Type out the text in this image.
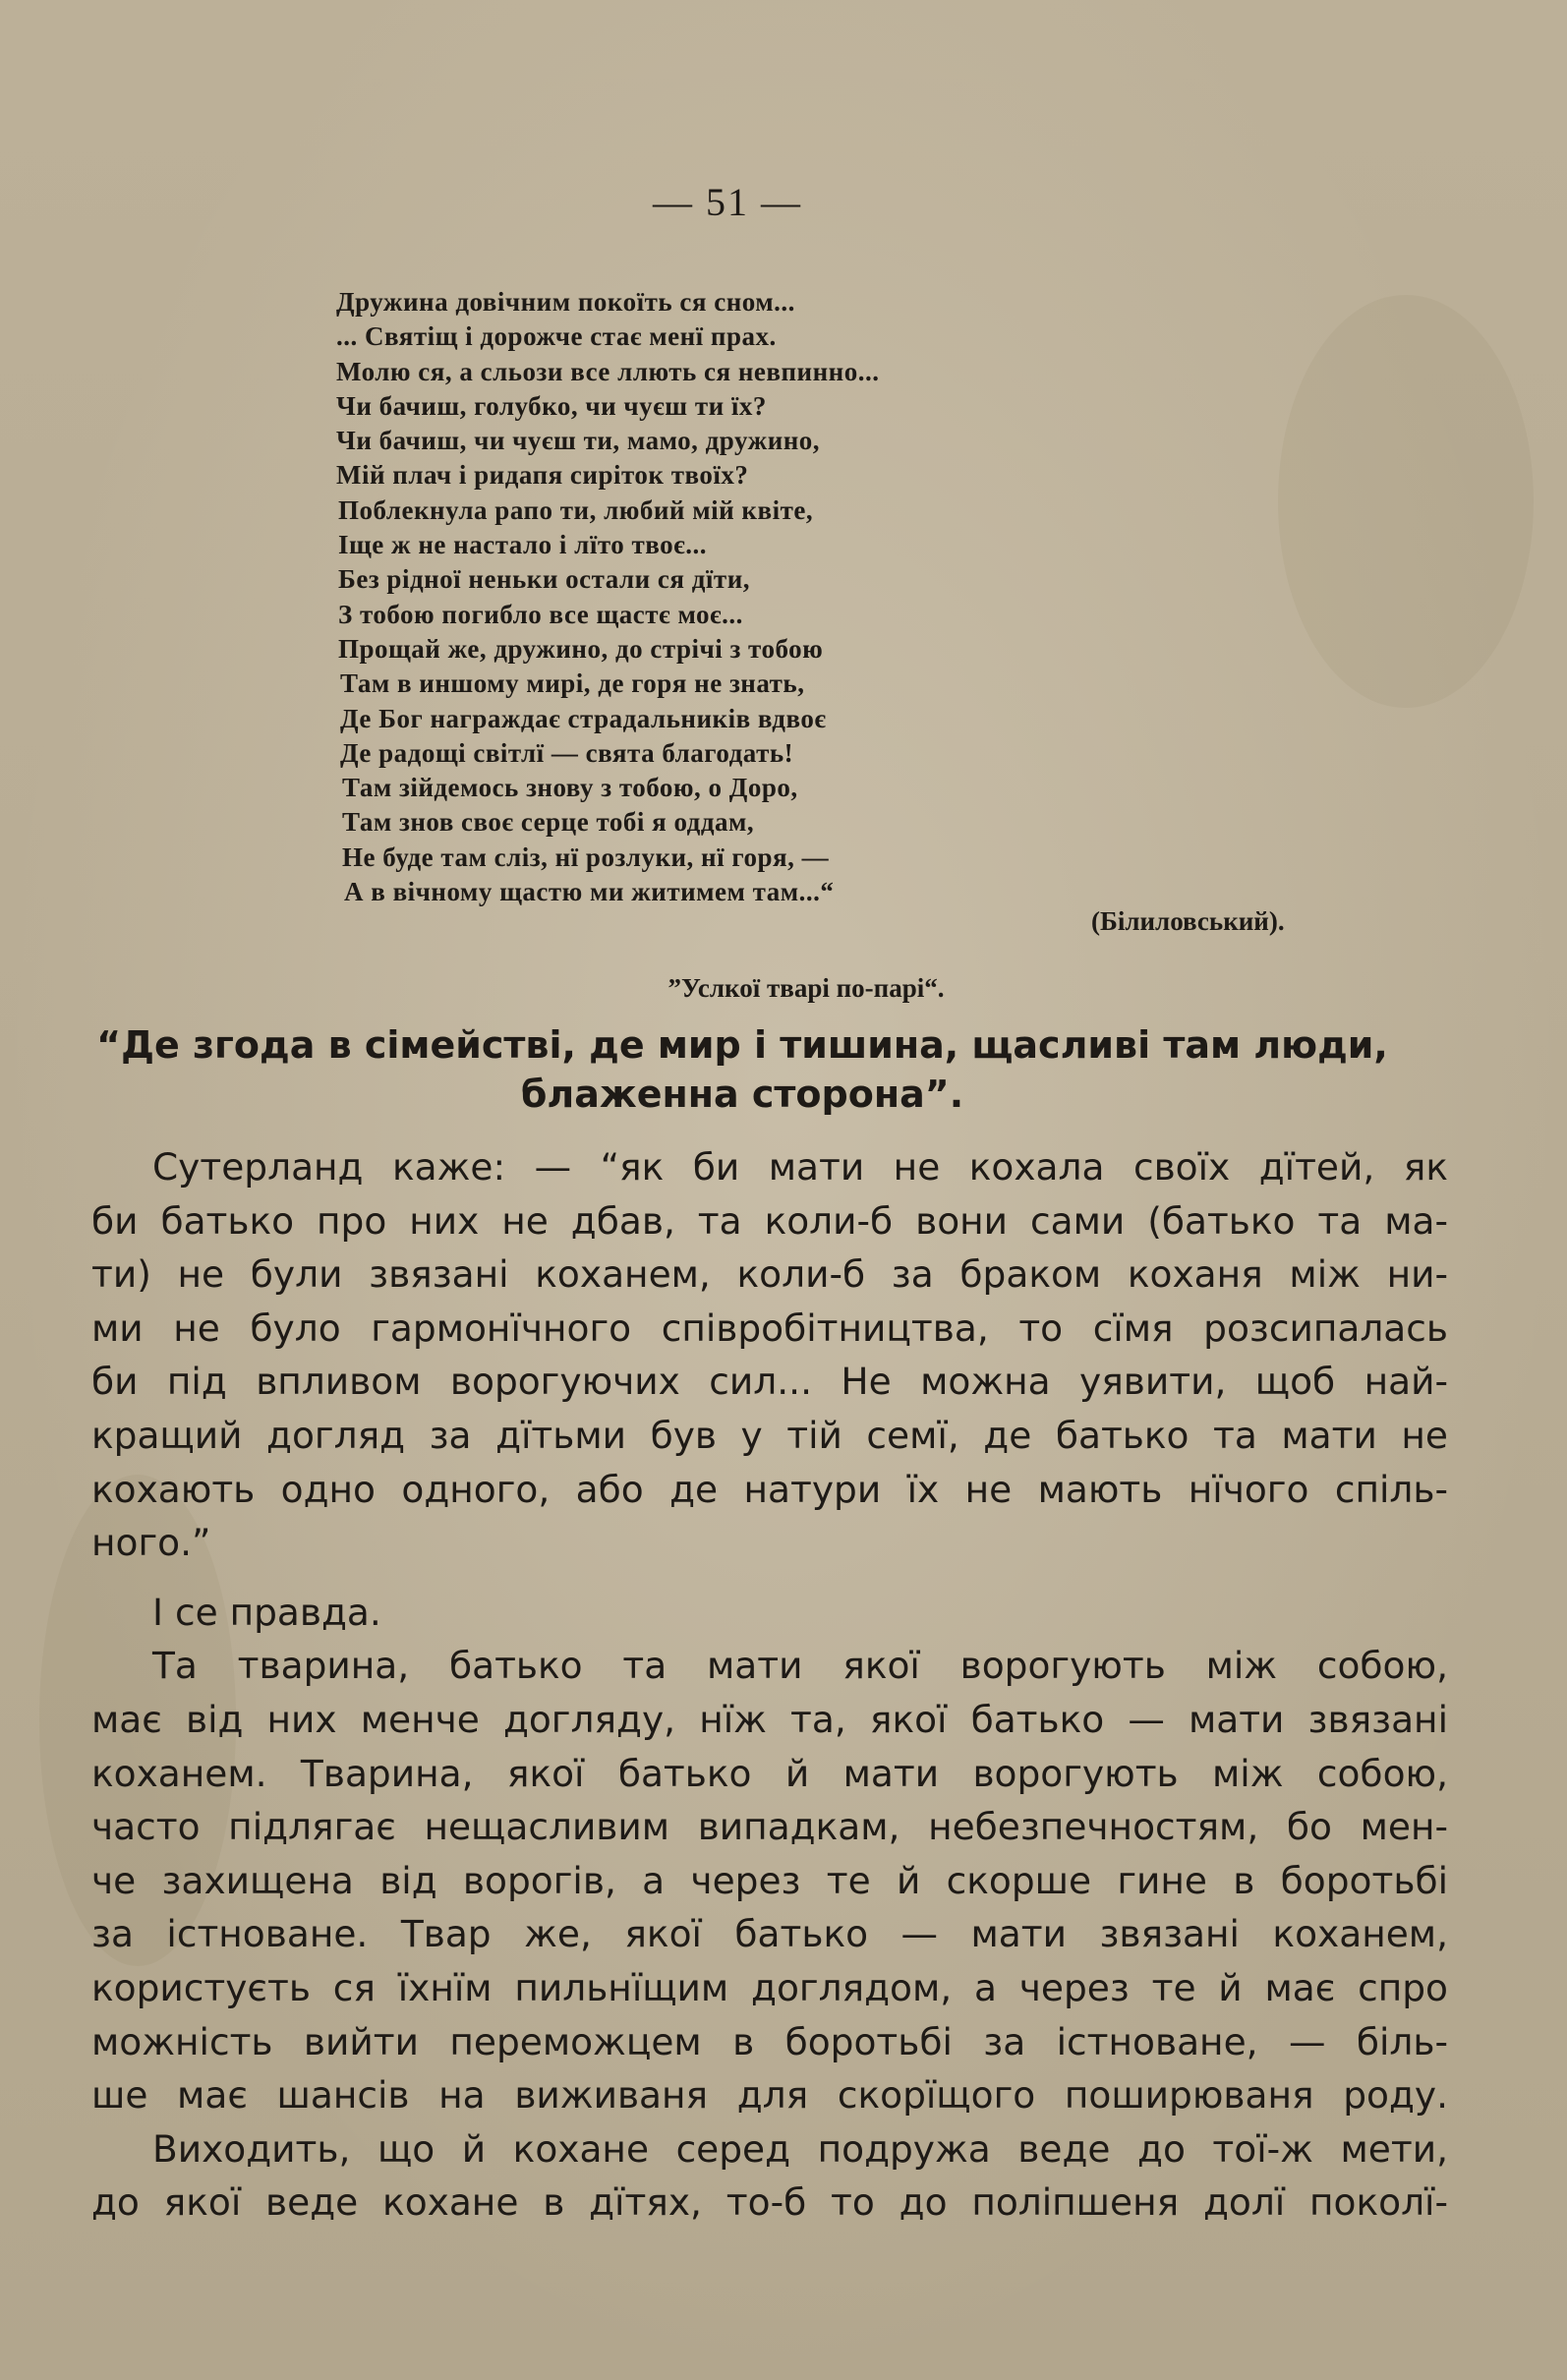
— 51 —
Дружина довічним покоїть ся сном...
... Святіщ і дорожче стає менї прах.
Молю ся, а сльози все ллють ся невпинно...
Чи бачиш, голубко, чи чуєш ти їх?
Чи бачиш, чи чуєш ти, мамо, дружино,
Мій плач і ридапя сиріток твоїх?
Поблекнула рапо ти, любий мій квіте,
Іще ж не настало і лїто твоє...
Без рідної неньки остали ся дїти,
З тобою погибло все щастє моє...
Прощай же, дружино, до стрічі з тобою
Там в иншому мирі, де горя не знать,
Де Бог награждає страдальників вдвоє
Де радощі світлї — свята благодать!
Там зійдемось знову з тобою, о Доро,
Там знов своє серце тобі я оддам,
Не буде там сліз, нї розлуки, нї горя, —
А в вічному щастю ми житимем там...“
(Білиловський).
”Услкої тварі по-парі“.
“Де згода в сімействі, де мир і тишина, щасливі там люди,
блаженна сторона”.
Сутерланд каже: — “як би мати не кохала своїх дїтей, як
би батько про них не дбав, та коли-б вони сами (батько та ма-
ти) не були звязані коханем, коли-б за браком коханя між ни-
ми не було гармонїчного співробітництва, то сїмя розсипалась
би під впливом ворогуючих сил... Не можна уявити, щоб най-
кращий догляд за дїтьми був у тій семї, де батько та мати не
кохають одно одного, або де натури їх не мають нїчого спіль-
ного.”
І се правда.
Та тварина, батько та мати якої ворогують між собою,
має від них менче догляду, нїж та, якої батько — мати звязані
коханем. Тварина, якої батько й мати ворогують між собою,
часто підлягає нещасливим випадкам, небезпечностям, бо мен-
че захищена від ворогів, а через те й скорше гине в боротьбі
за істноване. Твар же, якої батько — мати звязані коханем,
користуєть ся їхнїм пильнїщим доглядом, а через те й має спро
можність вийти переможцем в боротьбі за істноване, — біль-
ше має шансів на виживаня для скорїщого поширюваня роду.
Виходить, що й кохане серед подружа веде до тої-ж мети,
до якої веде кохане в дїтях, то-б то до поліпшеня долї поколї-
